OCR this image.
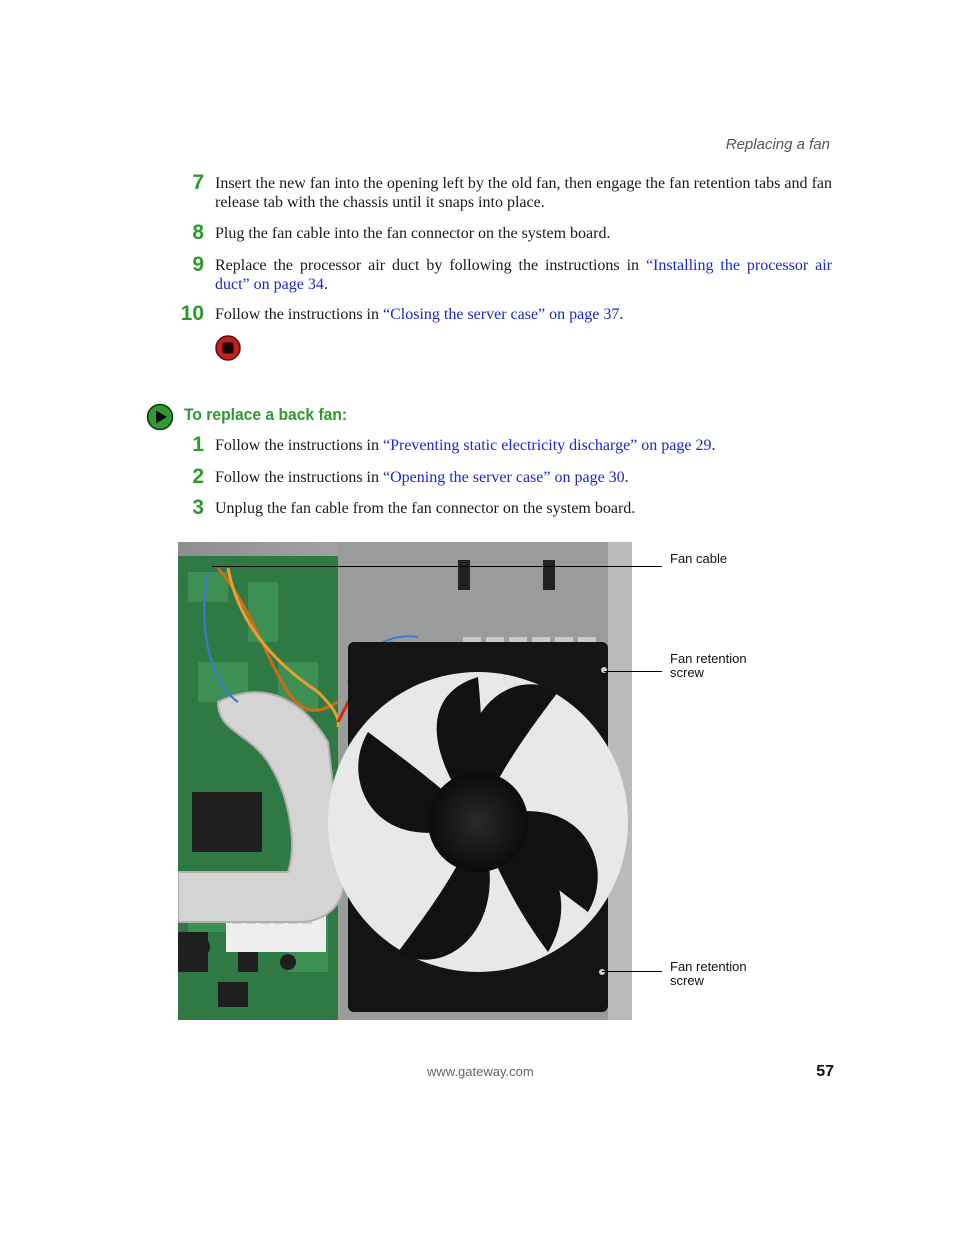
Replacing a fan
7 Insert the new fan into the opening left by the old fan, then engage the fan retention tabs and fan release tab with the chassis until it snaps into place.
8 Plug the fan cable into the fan connector on the system board.
9 Replace the processor air duct by following the instructions in “Installing the processor air duct” on page 34.
10 Follow the instructions in “Closing the server case” on page 37.
To replace a back fan:
1 Follow the instructions in “Preventing static electricity discharge” on page 29.
2 Follow the instructions in “Opening the server case” on page 30.
3 Unplug the fan cable from the fan connector on the system board.
Fan cable
Fan retention
screw
Fan retention
screw
www.gateway.com	57
